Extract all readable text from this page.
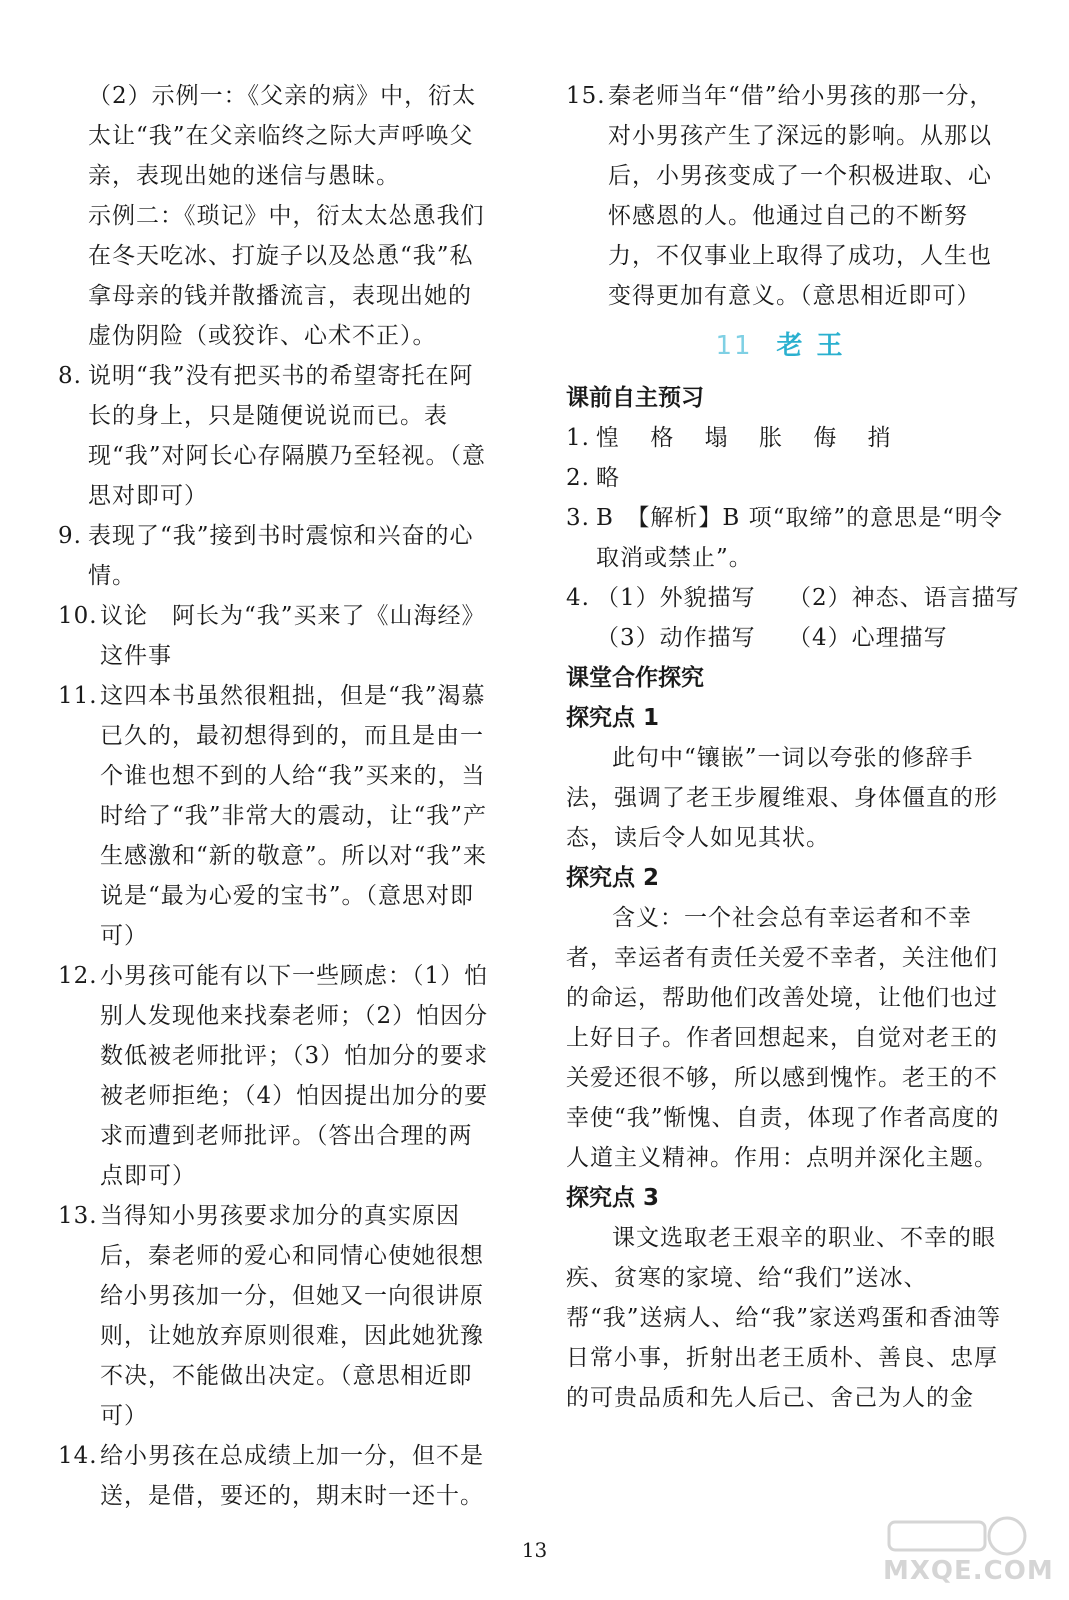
（2）示例一：《父亲的病》中，衍太太让“我”在父亲临终之际大声呼唤父亲，表现出她的迷信与愚昧。

示例二：《琐记》中，衍太太怂恿我们在冬天吃冰、打旋子以及怂恿“我”私拿母亲的钱并散播流言，表现出她的虚伪阴险（或狡诈、心术不正）。

8. 说明“我”没有把买书的希望寄托在阿长的身上，只是随便说说而已。表现“我”对阿长心存隔膜乃至轻视。（意思对即可）
9. 表现了“我”接到书时震惊和兴奋的心情。
10. 议论　阿长为“我”买来了《山海经》这件事
11. 这四本书虽然很粗拙，但是“我”渴慕已久的，最初想得到的，而且是由一个谁也想不到的人给“我”买来的，当时给了“我”非常大的震动，让“我”产生感激和“新的敬意”。所以对“我”来说是“最为心爱的宝书”。（意思对即可）
12. 小男孩可能有以下一些顾虑：（1）怕别人发现他来找秦老师；（2）怕因分数低被老师批评；（3）怕加分的要求被老师拒绝；（4）怕因提出加分的要求而遭到老师批评。（答出合理的两点即可）
13. 当得知小男孩要求加分的真实原因后，秦老师的爱心和同情心使她很想给小男孩加一分，但她又一向很讲原则，让她放弃原则很难，因此她犹豫不决，不能做出决定。（意思相近即可）
14. 给小男孩在总成绩上加一分，但不是送，是借，要还的，期末时一还十。
15. 秦老师当年“借”给小男孩的那一分，对小男孩产生了深远的影响。从那以后，小男孩变成了一个积极进取、心怀感恩的人。他通过自己的不断努力，不仅事业上取得了成功，人生也变得更加有意义。（意思相近即可）
11 老王

课前自主预习

1. 惶 格 塌 胀 侮 捎
2. 略
3. B　【解析】B 项“取缔”的意思是“明令取消或禁止”。
4. （1）外貌描写　 （2）神态、语言描写

（3）动作描写　 （4）心理描写

课堂合作探究

探究点 1

此句中“镶嵌”一词以夸张的修辞手法，强调了老王步履维艰、身体僵直的形态，读后令人如见其状。

探究点 2

含义：一个社会总有幸运者和不幸者，幸运者有责任关爱不幸者，关注他们的命运，帮助他们改善处境，让他们也过上好日子。作者回想起来，自觉对老王的关爱还很不够，所以感到愧怍。老王的不幸使“我”惭愧、自责，体现了作者高度的人道主义精神。作用：点明并深化主题。

探究点 3

课文选取老王艰辛的职业、不幸的眼疾、贫寒的家境、给“我们”送冰、帮“我”送病人、给“我”家送鸡蛋和香油等日常小事，折射出老王质朴、善良、忠厚的可贵品质和先人后己、舍己为人的金

13
MXQE.COM
